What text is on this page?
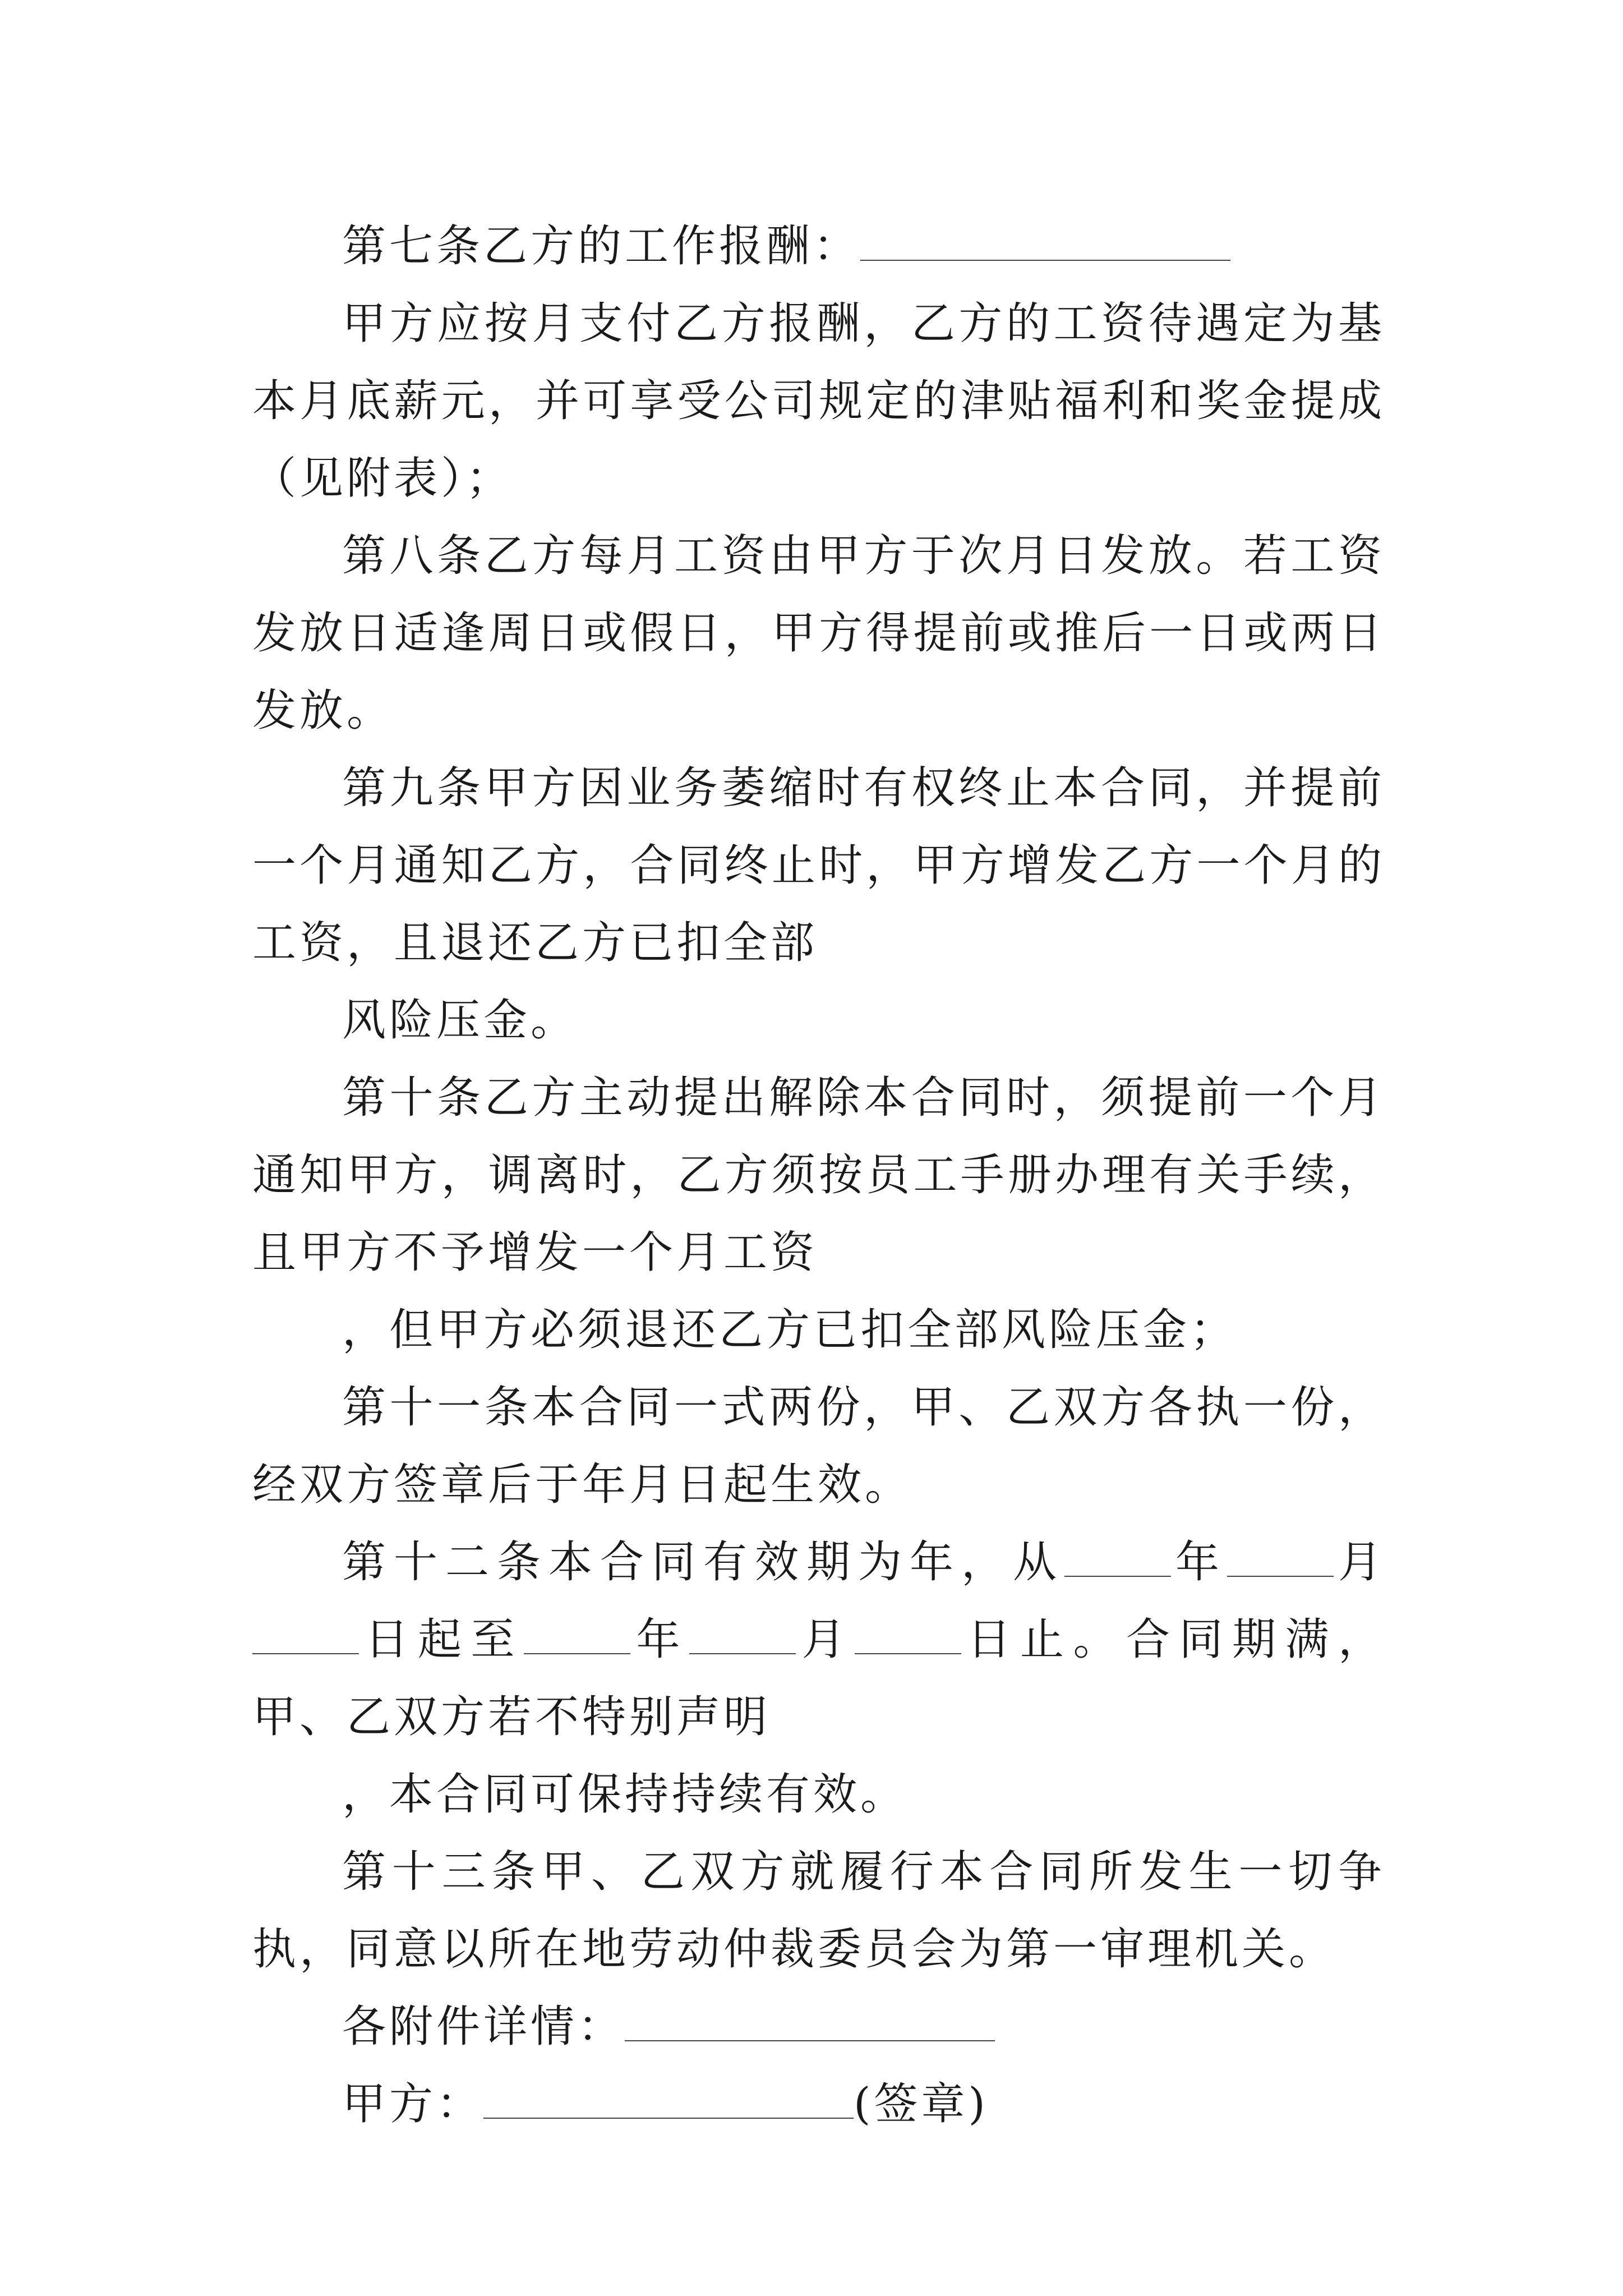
第七条乙方的工作报酬：

甲方应按月支付乙方报酬，乙方的工资待遇定为基本月底薪元，并可享受公司规定的津贴福利和奖金提成（见附表）；

第八条乙方每月工资由甲方于次月日发放。若工资发放日适逢周日或假日，甲方得提前或推后一日或两日发放。

第九条甲方因业务萎缩时有权终止本合同，并提前一个月通知乙方，合同终止时，甲方增发乙方一个月的工资，且退还乙方已扣全部

风险压金。

第十条乙方主动提出解除本合同时，须提前一个月通知甲方，调离时，乙方须按员工手册办理有关手续，且甲方不予增发一个月工资

，但甲方必须退还乙方已扣全部风险压金；

第十一条本合同一式两份，甲、乙双方各执一份，经双方签章后于年月日起生效。

第十二条本合同有效期为年，从 年 月日起至 年 月 日止。合同期满，甲、乙双方若不特别声明

，本合同可保持持续有效。

第十三条甲、乙双方就履行本合同所发生一切争执，同意以所在地劳动仲裁委员会为第一审理机关。

各附件详情：

甲方：	(签章)
